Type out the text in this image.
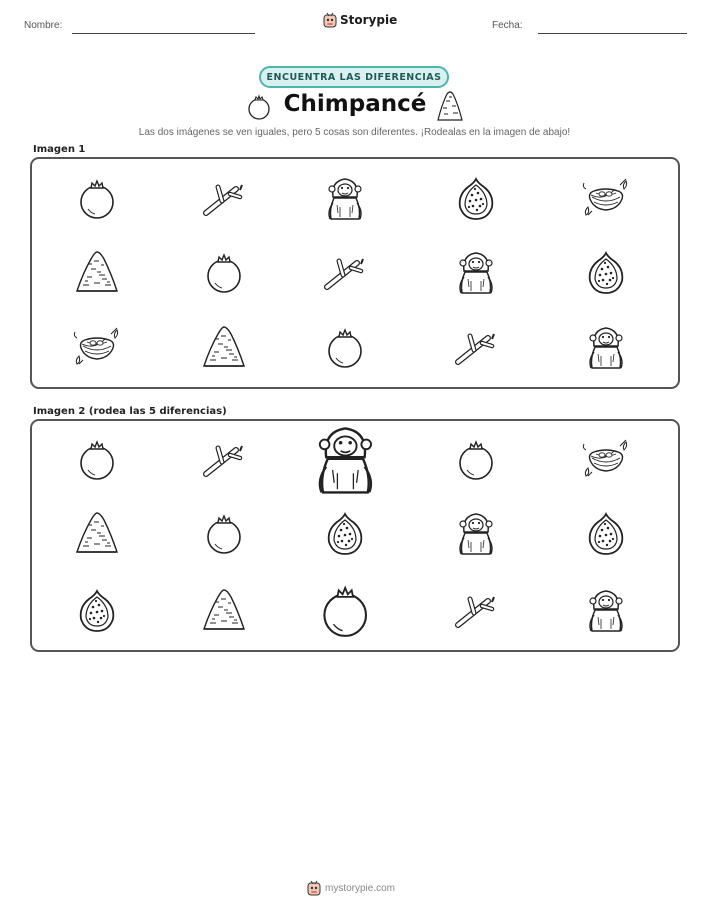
Nombre:	Storypie	Fecha:
ENCUENTRA LAS DIFERENCIAS
Chimpancé
Las dos imágenes se ven iguales, pero 5 cosas son diferentes. ¡Rodealas en la imagen de abajo!
Imagen 1
Imagen 2 (rodea las 5 diferencias)
mystorypie.com
